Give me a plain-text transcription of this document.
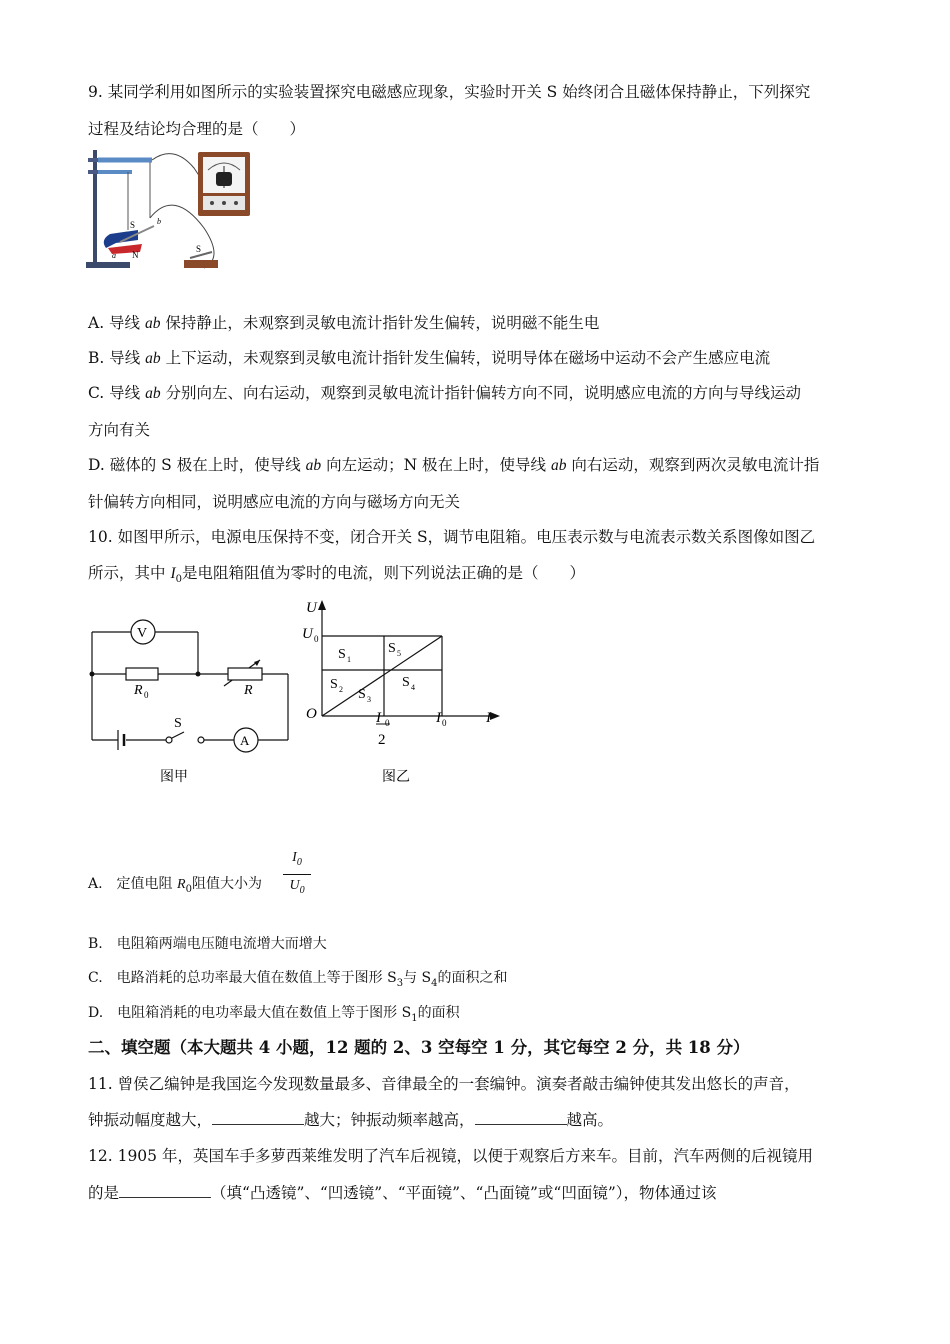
9. 某同学利用如图所示的实验装置探究电磁感应现象，实验时开关 S 始终闭合且磁体保持静止，下列探究
过程及结论均合理的是（　　）
S	b
a N
S
A. 导线 ab 保持静止，未观察到灵敏电流计指针发生偏转，说明磁不能生电
B. 导线 ab 上下运动，未观察到灵敏电流计指针发生偏转，说明导体在磁场中运动不会产生感应电流
C. 导线 ab 分别向左、向右运动，观察到灵敏电流计指针偏转方向不同，说明感应电流的方向与导线运动
方向有关
D. 磁体的 S 极在上时，使导线 ab 向左运动；N 极在上时，使导线 ab 向右运动，观察到两次灵敏电流计指
针偏转方向相同，说明感应电流的方向与磁场方向无关
10. 如图甲所示，电源电压保持不变，闭合开关 S，调节电阻箱。电压表示数与电流表示数关系图像如图乙
所示，其中 $I_0$是电阻箱阻值为零时的电流，则下列说法正确的是（　　）
V
R 0	R
S
A
图甲
U
U 0
S 1
S 2 S 3
S 4
S 5
O	I 0
2
I 0	I
图乙
A.　定值电阻 $R_0$阻值大小为
$I_0$
$U_0$
B.　电阻箱两端电压随电流增大而增大
C.　电路消耗的总功率最大值在数值上等于图形 $S_3$与 $S_4$的面积之和
D.　电阻箱消耗的电功率最大值在数值上等于图形 $S_1$的面积
二、填空题（本大题共 4 小题，12 题的 2、3 空每空 1 分，其它每空 2 分，共 18 分）
11. 曾侯乙编钟是我国迄今发现数量最多、音律最全的一套编钟。演奏者敲击编钟使其发出悠长的声音，
钟振动幅度越大，	越大；钟振动频率越高，	越高。
12. 1905 年，英国车手多萝西莱维发明了汽车后视镜，以便于观察后方来车。目前，汽车两侧的后视镜用
的是	（填“凸透镜”、“凹透镜”、“平面镜”、“凸面镜”或“凹面镜”），物体通过该
